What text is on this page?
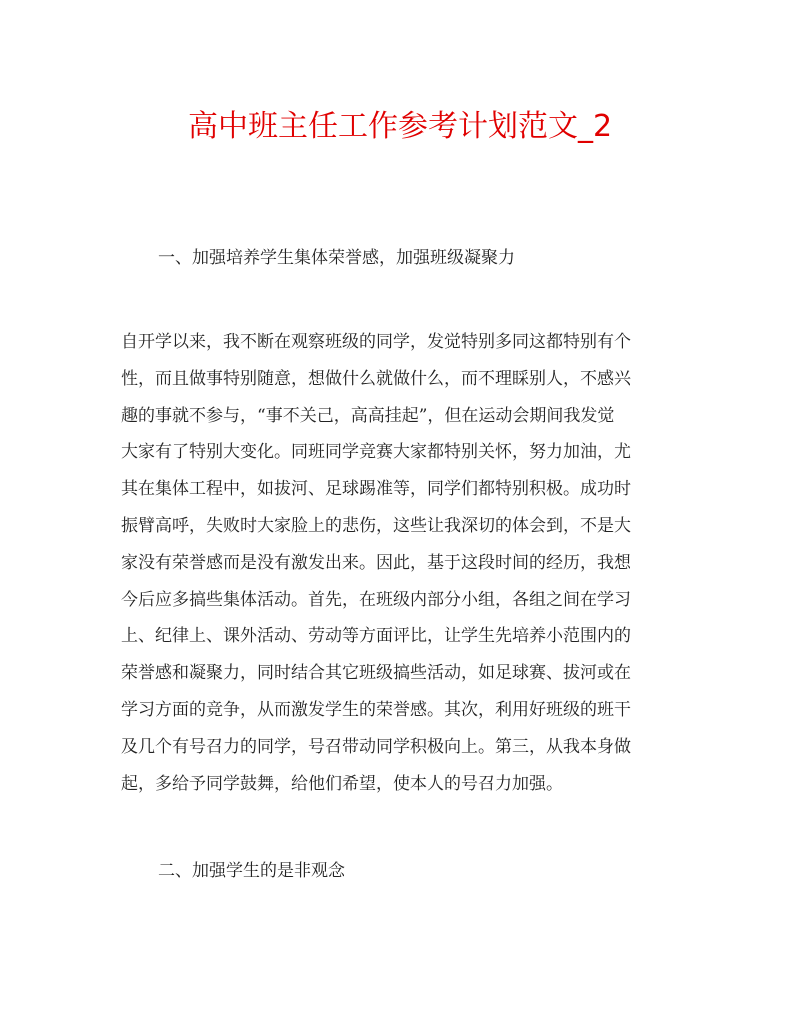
高中班主任工作参考计划范文_2
一、加强培养学生集体荣誉感，加强班级凝聚力
自开学以来，我不断在观察班级的同学，发觉特别多同这都特别有个
性，而且做事特别随意，想做什么就做什么，而不理睬别人，不感兴
趣的事就不参与，“事不关己，高高挂起”，但在运动会期间我发觉
大家有了特别大变化。同班同学竞赛大家都特别关怀，努力加油，尤
其在集体工程中，如拔河、足球踢准等，同学们都特别积极。成功时
振臂高呼，失败时大家脸上的悲伤，这些让我深切的体会到，不是大
家没有荣誉感而是没有激发出来。因此，基于这段时间的经历，我想
今后应多搞些集体活动。首先，在班级内部分小组，各组之间在学习
上、纪律上、课外活动、劳动等方面评比，让学生先培养小范围内的
荣誉感和凝聚力，同时结合其它班级搞些活动，如足球赛、拔河或在
学习方面的竞争，从而激发学生的荣誉感。其次，利用好班级的班干
及几个有号召力的同学，号召带动同学积极向上。第三，从我本身做
起，多给予同学鼓舞，给他们希望，使本人的号召力加强。
二、加强学生的是非观念
